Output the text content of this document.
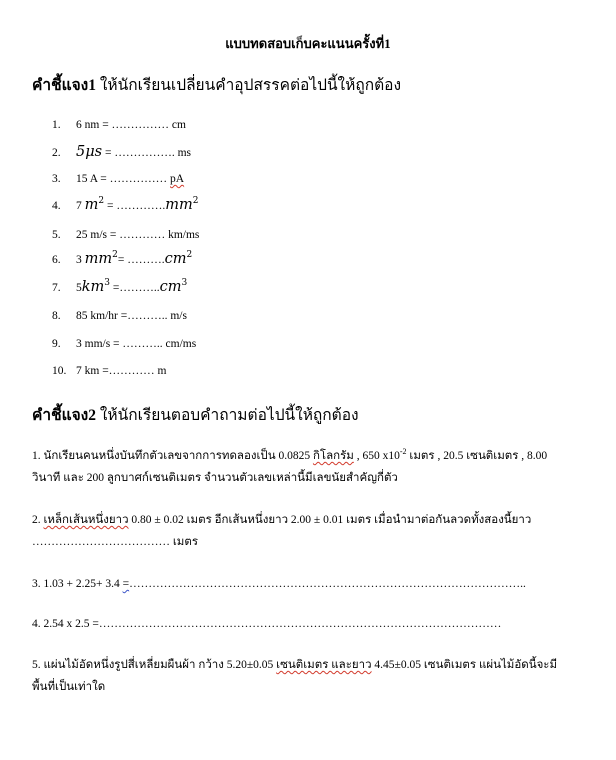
แบบทดสอบเก็บคะแนนครั้งที่1
คำชี้แจง1 ให้นักเรียนเปลี่ยนคำอุปสรรคต่อไปนี้ให้ถูกต้อง
1. 6 nm = …………… cm
2. 5μs = ……………. ms
3. 15 A = …………… pA
4. 7 $m^2$ = $\dots\dots\dots\dots.mm^2$
5. 25 m/s = ………… km/ms
6. 3 $mm^2=$ $\dots\dots\dots.cm^2$
7. $5km^3$ $=\dots\dots\dots..cm^3$
8. 85 km/hr =……….. m/s
9. 3 mm/s = ……….. cm/ms
10. 7 km =………… m
คำชี้แจง2 ให้นักเรียนตอบคำถามต่อไปนี้ให้ถูกต้อง
1. นักเรียนคนหนึ่งบันทึกตัวเลขจากการทดลองเป็น 0.0825 กิโลกรัม , 650 $x10^{-2}$ เมตร , 20.5 เซนติเมตร , 8.00 วินาที และ 200 ลูกบาศก์เซนติเมตร จำนวนตัวเลขเหล่านี้มีเลขนัยสำคัญกี่ตัว
2. เหล็กเส้นหนึ่งยาว 0.80 ± 0.02 เมตร อีกเส้นหนึ่งยาว 2.00 ± 0.01 เมตร เมื่อนำมาต่อกันลวดทั้งสองนี้ยาว ……………………………… เมตร
3. 1.03 + 2.25+ 3.4 =…………………………………………………………………………………………..
4. 2.54 x 2.5 =……………………………………………………………………………………………
5. แผ่นไม้อัดหนึ่งรูปสี่เหลี่ยมผืนผ้า กว้าง 5.20±0.05 เซนติเมตร และยาว 4.45±0.05 เซนติเมตร แผ่นไม้อัดนี้จะมีพื้นที่เป็นเท่าใด
